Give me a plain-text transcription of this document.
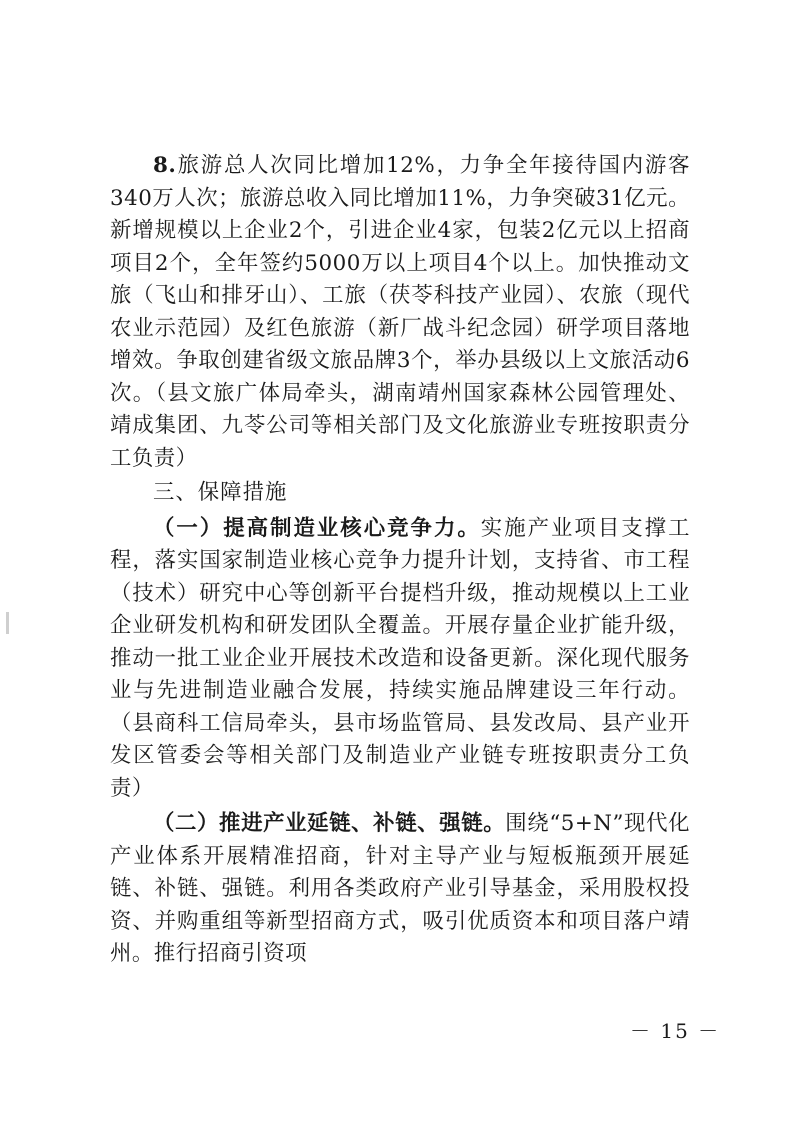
8.旅游总人次同比增加12%，力争全年接待国内游客340万人次；旅游总收入同比增加11%，力争突破31亿元。新增规模以上企业2个，引进企业4家，包装2亿元以上招商项目2个，全年签约5000万以上项目4个以上。加快推动文旅（飞山和排牙山）、工旅（茯苓科技产业园）、农旅（现代农业示范园）及红色旅游（新厂战斗纪念园）研学项目落地增效。争取创建省级文旅品牌3个，举办县级以上文旅活动6次。（县文旅广体局牵头，湖南靖州国家森林公园管理处、靖成集团、九苓公司等相关部门及文化旅游业专班按职责分工负责）

三、保障措施

（一）提高制造业核心竞争力。实施产业项目支撑工程，落实国家制造业核心竞争力提升计划，支持省、市工程（技术）研究中心等创新平台提档升级，推动规模以上工业企业研发机构和研发团队全覆盖。开展存量企业扩能升级，推动一批工业企业开展技术改造和设备更新。深化现代服务业与先进制造业融合发展，持续实施品牌建设三年行动。（县商科工信局牵头，县市场监管局、县发改局、县产业开发区管委会等相关部门及制造业产业链专班按职责分工负责）

（二）推进产业延链、补链、强链。围绕“5+N”现代化产业体系开展精准招商，针对主导产业与短板瓶颈开展延链、补链、强链。利用各类政府产业引导基金，采用股权投资、并购重组等新型招商方式，吸引优质资本和项目落户靖州。推行招商引资项

－ 15 －
